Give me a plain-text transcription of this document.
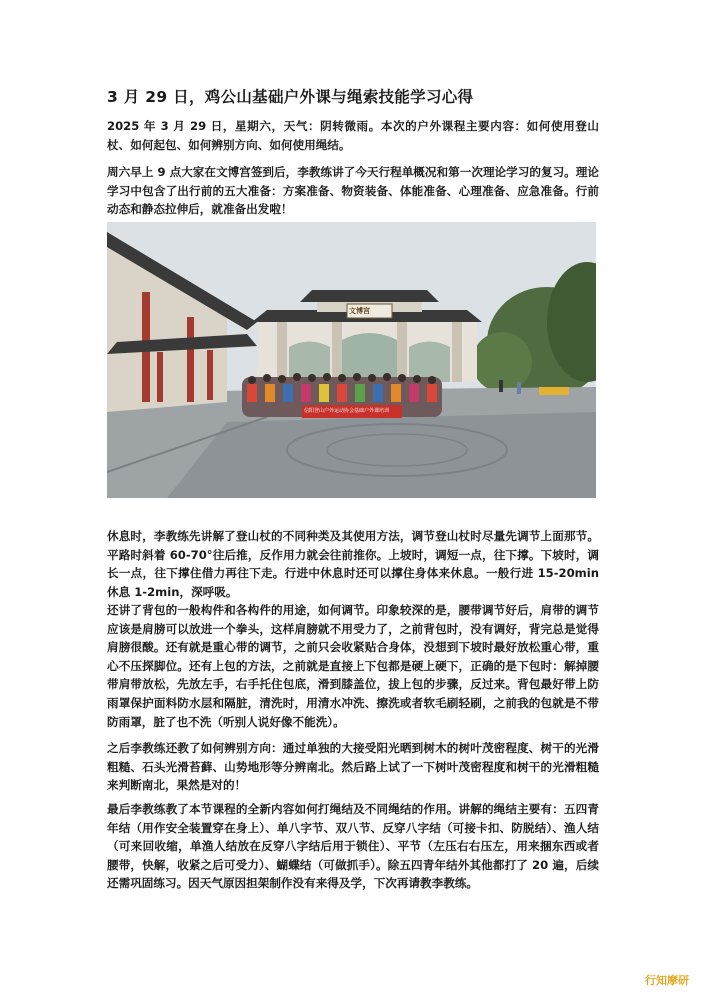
3 月 29 日，鸡公山基础户外课与绳索技能学习心得

2025 年 3 月 29 日，星期六，天气：阴转微雨。本次的户外课程主要内容：如何使用登山杖、如何起包、如何辨别方向、如何使用绳结。

周六早上 9 点大家在文博宫签到后，李教练讲了今天行程单概况和第一次理论学习的复习。理论学习中包含了出行前的五大准备：方案准备、物资装备、体能准备、心理准备、应急准备。行前动态和静态拉伸后，就准备出发啦！

文博宫
信阳登山户外运动协会基础户外课培训

休息时，李教练先讲解了登山杖的不同种类及其使用方法，调节登山杖时尽量先调节上面那节。平路时斜着 60-70°往后推，反作用力就会往前推你。上坡时，调短一点，往下撑。下坡时，调长一点，往下撑住借力再往下走。行进中休息时还可以撑住身体来休息。一般行进 15-20min 休息 1-2min，深呼吸。

还讲了背包的一般构件和各构件的用途，如何调节。印象较深的是，腰带调节好后，肩带的调节应该是肩膀可以放进一个拳头，这样肩膀就不用受力了，之前背包时，没有调好，背完总是觉得肩膀很酸。还有就是重心带的调节，之前只会收紧贴合身体，没想到下坡时最好放松重心带，重心不压探脚位。还有上包的方法，之前就是直接上下包都是硬上硬下，正确的是下包时：解掉腰带肩带放松，先放左手，右手托住包底，滑到膝盖位，拔上包的步骤，反过来。背包最好带上防雨罩保护面料防水层和隔脏，清洗时，用清水冲洗、擦洗或者软毛刷轻刷，之前我的包就是不带防雨罩，脏了也不洗（听别人说好像不能洗）。

之后李教练还教了如何辨别方向：通过单独的大接受阳光晒到树木的树叶茂密程度、树干的光滑粗糙、石头光滑苔藓、山势地形等分辨南北。然后路上试了一下树叶茂密程度和树干的光滑粗糙来判断南北，果然是对的！

最后李教练教了本节课程的全新内容如何打绳结及不同绳结的作用。讲解的绳结主要有：五四青年结（用作安全装置穿在身上）、单八字节、双八节、反穿八字结（可接卡扣、防脱结）、渔人结（可来回收缩，单渔人结放在反穿八字结后用于锁住）、平节（左压右右压左，用来捆东西或者腰带，快解，收紧之后可受力）、蝴蝶结（可做抓手）。除五四青年结外其他都打了 20 遍，后续还需巩固练习。因天气原因担架制作没有来得及学，下次再请教李教练。

行知摩研
